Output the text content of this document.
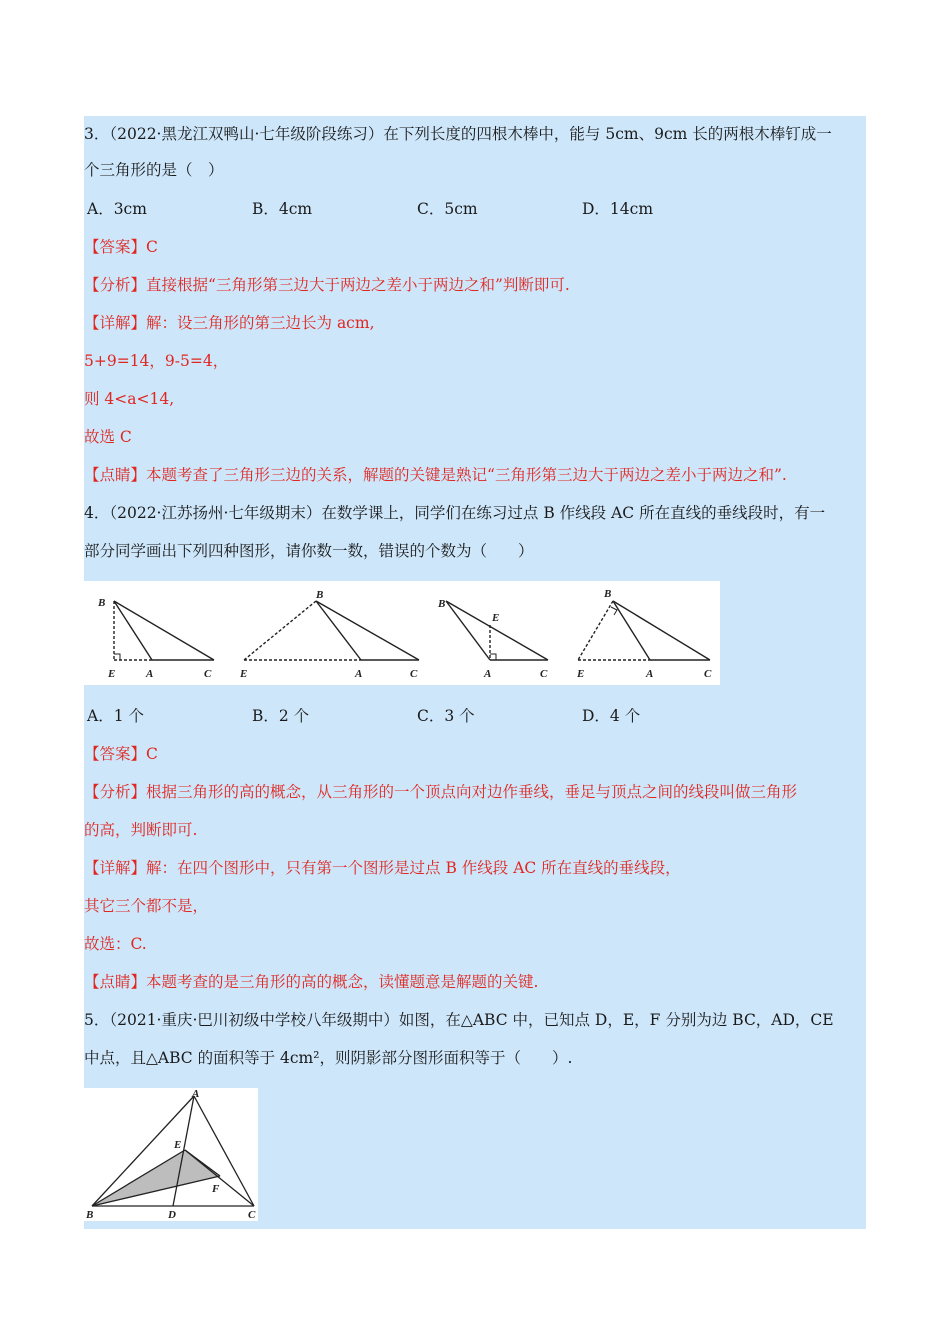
3．（2022·黑龙江双鸭山·七年级阶段练习）在下列长度的四根木棒中，能与 5cm、9cm 长的两根木棒钉成一
个三角形的是（　）
A．3cm	B．4cm	C．5cm	D．14cm
【答案】C
【分析】直接根据“三角形第三边大于两边之差小于两边之和”判断即可.
【详解】解：设三角形的第三边长为 acm,
5+9=14，9-5=4，
则 4<a<14,
故选 C
【点睛】本题考查了三角形三边的关系，解题的关键是熟记“三角形第三边大于两边之差小于两边之和”.
4．（2022·江苏扬州·七年级期末）在数学课上，同学们在练习过点 B 作线段 AC 所在直线的垂线段时，有一
部分同学画出下列四种图形，请你数一数，错误的个数为（　　）
B
E	A	C
B
E	A	C
B
E
A	C
B
E	A	C
A．1 个	B．2 个	C．3 个	D．4 个
【答案】C
【分析】根据三角形的高的概念，从三角形的一个顶点向对边作垂线，垂足与顶点之间的线段叫做三角形
的高，判断即可.
【详解】解：在四个图形中，只有第一个图形是过点 B 作线段 AC 所在直线的垂线段，
其它三个都不是，
故选：C.
【点睛】本题考查的是三角形的高的概念，读懂题意是解题的关键.
5．（2021·重庆·巴川初级中学校八年级期中）如图，在△ABC 中，已知点 D，E，F 分别为边 BC，AD，CE
中点，且△ABC 的面积等于 4cm²，则阴影部分图形面积等于（　　）.
A
B	C
D
E
F
